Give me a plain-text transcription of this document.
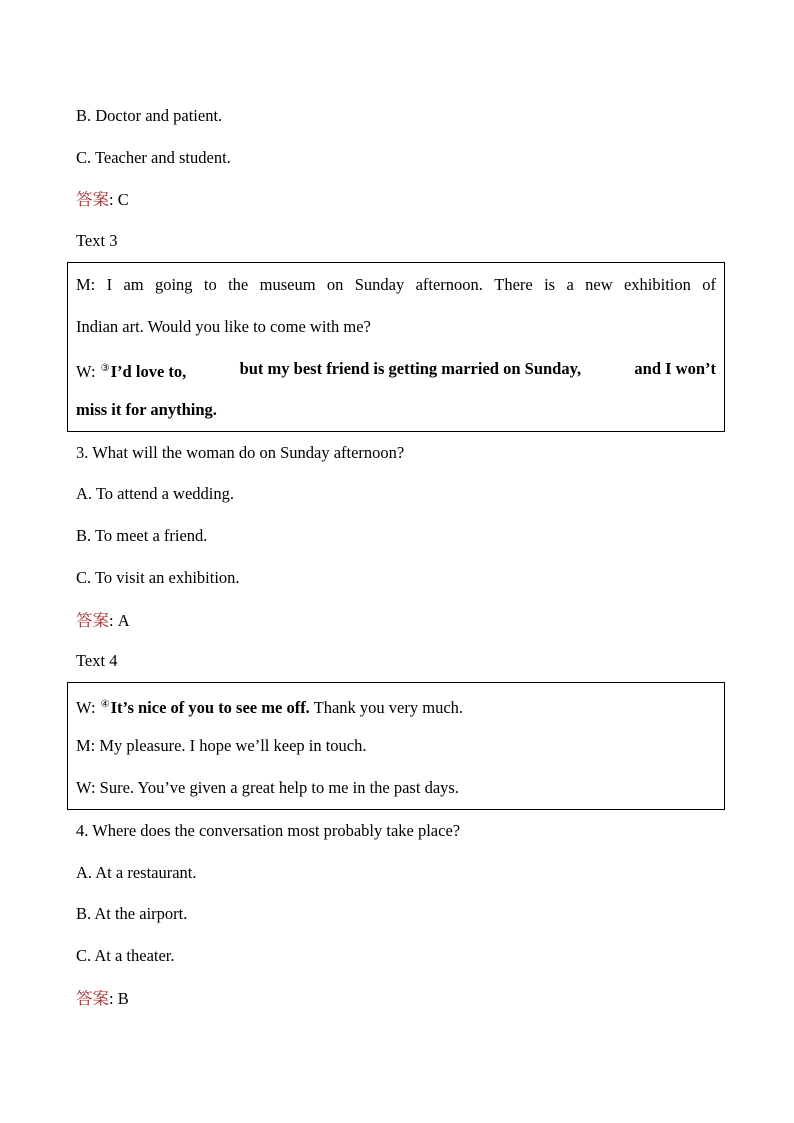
B. Doctor and patient.
C. Teacher and student.
答案: C
Text 3
M: I am going to the museum on Sunday afternoon. There is a new exhibition of
Indian art. Would you like to come with me?
W: ③I’d love to,	but my best friend is getting married on Sunday,	and I won’t
miss it for anything.
3. What will the woman do on Sunday afternoon?
A. To attend a wedding.
B. To meet a friend.
C. To visit an exhibition.
答案: A
Text 4
W: ④It’s nice of you to see me off. Thank you very much.
M: My pleasure. I hope we’ll keep in touch.
W: Sure. You’ve given a great help to me in the past days.
4. Where does the conversation most probably take place?
A. At a restaurant.
B. At the airport.
C. At a theater.
答案: B
